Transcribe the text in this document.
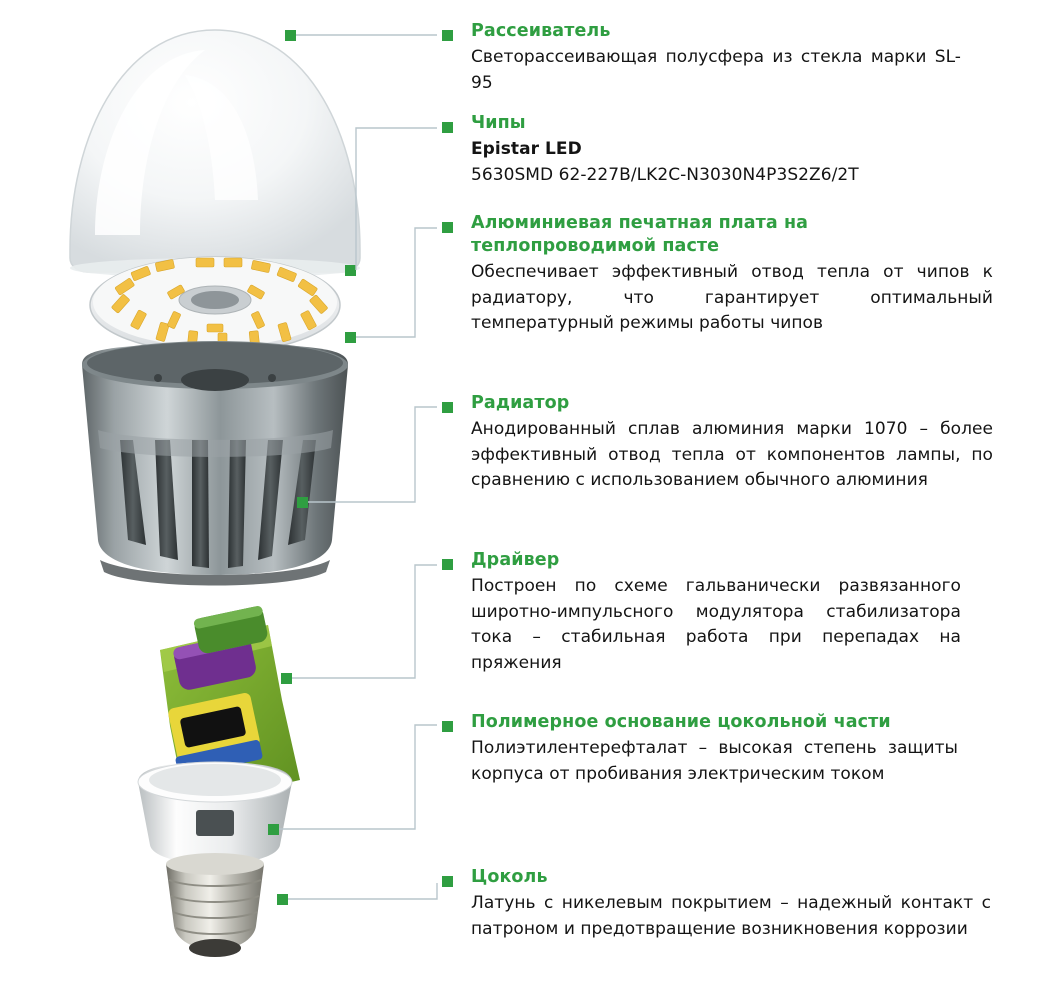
Рассеиватель
Светорассеивающая полусфера из стекла марки SL-95
Чипы
Epistar LED
5630SMD 62-227B/LK2C-N3030N4P3S2Z6/2T
Алюминиевая печатная плата на теплопроводимой пасте
Обеспечивает эффективный отвод тепла от чипов к радиатору, что гарантирует оптимальный температурный режимы работы чипов
Радиатор
Анодированный сплав алюминия марки 1070 – более эффективный отвод тепла от компонентов лампы, по сравнению с использованием обычного алюминия
Драйвер
Построен по схеме гальванически развязанного широтно-импульсного модулятора стабилизатора тока – стабильная работа при перепадах на пряжения
Полимерное основание цокольной части
Полиэтилентерефталат – высокая степень защиты корпуса от пробивания электрическим током
Цоколь
Латунь с никелевым покрытием – надежный контакт с патроном и предотвращение возникновения коррозии
